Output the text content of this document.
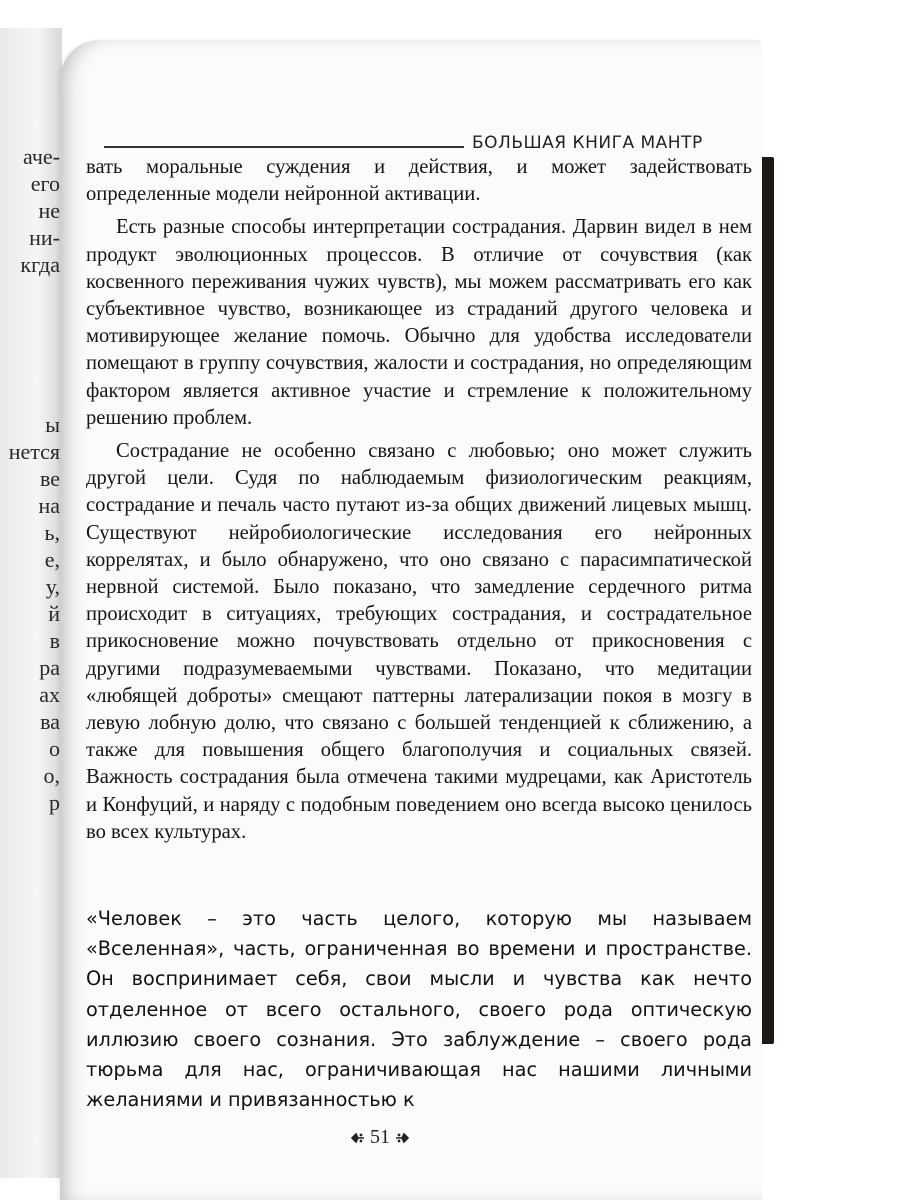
аче-
его
не
ни-
кгда
ы
нется
ве
на
ь,
е,
у,
й
в
ра
ах
ва
о
о,
р
БОЛЬШАЯ КНИГА МАНТР

вать моральные суждения и действия, и может задействовать определенные модели нейронной активации.

Есть разные способы интерпретации сострадания. Дарвин видел в нем продукт эволюционных процессов. В отличие от сочувствия (как косвенного переживания чужих чувств), мы можем рассматривать его как субъективное чувство, возникающее из страданий другого человека и мотивирующее желание помочь. Обычно для удобства исследователи помещают в группу сочувствия, жалости и сострадания, но определяющим фактором является активное участие и стремление к положительному решению проблем.

Сострадание не особенно связано с любовью; оно может служить другой цели. Судя по наблюдаемым физиологическим реакциям, сострадание и печаль часто путают из-за общих движений лицевых мышц. Существуют нейробиологические исследования его нейронных коррелятах, и было обнаружено, что оно связано с парасимпатической нервной системой. Было показано, что замедление сердечного ритма происходит в ситуациях, требующих сострадания, и сострадательное прикосновение можно почувствовать отдельно от прикосновения с другими подразумеваемыми чувствами. Показано, что медитации «любящей доброты» смещают паттерны латерализации покоя в мозгу в левую лобную долю, что связано с большей тенденцией к сближению, а также для повышения общего благополучия и социальных связей. Важность сострадания была отмечена такими мудрецами, как Аристотель и Конфуций, и наряду с подобным поведением оно всегда высоко ценилось во всех культурах.

«Человек – это часть целого, которую мы называем «Вселенная», часть, ограниченная во времени и пространстве. Он воспринимает себя, свои мысли и чувства как нечто отделенное от всего остального, своего рода оптическую иллюзию своего сознания. Это заблуждение – своего рода тюрьма для нас, ограничивающая нас нашими личными желаниями и привязанностью к

51
